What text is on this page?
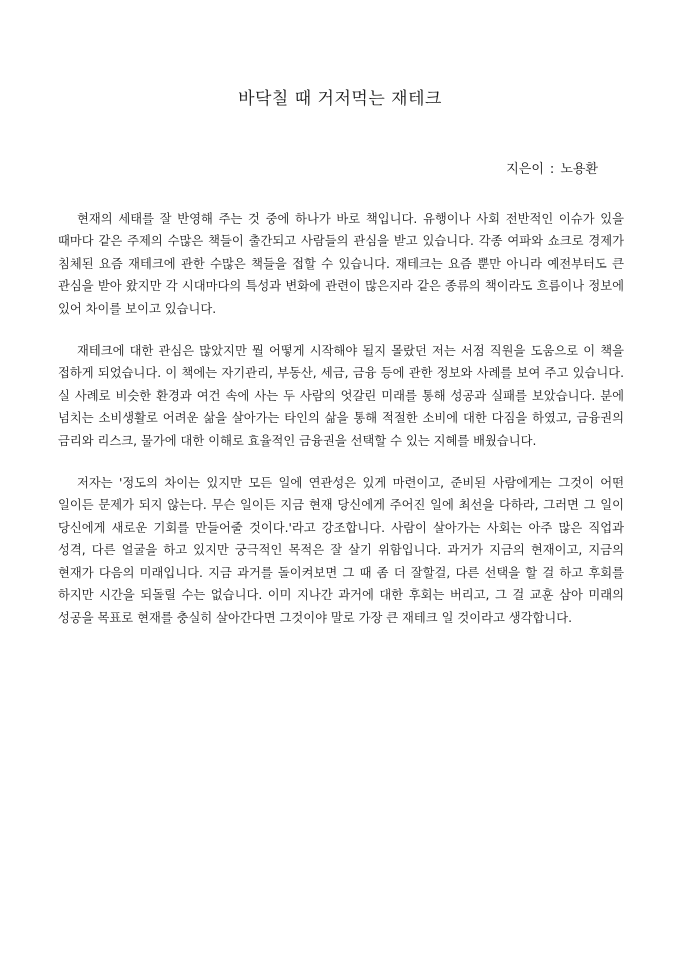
바닥칠 때 거저먹는 재테크
지은이 : 노용환

현재의 세태를 잘 반영해 주는 것 중에 하나가 바로 책입니다. 유행이나 사회 전반적인 이슈가 있을 때마다 같은 주제의 수많은 책들이 출간되고 사람들의 관심을 받고 있습니다. 각종 여파와 쇼크로 경제가 침체된 요즘 재테크에 관한 수많은 책들을 접할 수 있습니다. 재테크는 요즘 뿐만 아니라 예전부터도 큰 관심을 받아 왔지만 각 시대마다의 특성과 변화에 관련이 많은지라 같은 종류의 책이라도 흐름이나 정보에 있어 차이를 보이고 있습니다.

재테크에 대한 관심은 많았지만 뭘 어떻게 시작해야 될지 몰랐던 저는 서점 직원을 도움으로 이 책을 접하게 되었습니다. 이 책에는 자기관리, 부동산, 세금, 금융 등에 관한 정보와 사례를 보여 주고 있습니다. 실 사례로 비슷한 환경과 여건 속에 사는 두 사람의 엇갈린 미래를 통해 성공과 실패를 보았습니다. 분에 넘치는 소비생활로 어려운 삶을 살아가는 타인의 삶을 통해 적절한 소비에 대한 다짐을 하였고, 금융권의 금리와 리스크, 물가에 대한 이해로 효율적인 금융권을 선택할 수 있는 지혜를 배웠습니다.

저자는 '정도의 차이는 있지만 모든 일에 연관성은 있게 마련이고, 준비된 사람에게는 그것이 어떤 일이든 문제가 되지 않는다. 무슨 일이든 지금 현재 당신에게 주어진 일에 최선을 다하라, 그러면 그 일이 당신에게 새로운 기회를 만들어줄 것이다.'라고 강조합니다. 사람이 살아가는 사회는 아주 많은 직업과 성격, 다른 얼굴을 하고 있지만 궁극적인 목적은 잘 살기 위함입니다. 과거가 지금의 현재이고, 지금의 현재가 다음의 미래입니다. 지금 과거를 돌이켜보면 그 때 좀 더 잘할걸, 다른 선택을 할 걸 하고 후회를 하지만 시간을 되돌릴 수는 없습니다. 이미 지나간 과거에 대한 후회는 버리고, 그 걸 교훈 삼아 미래의 성공을 목표로 현재를 충실히 살아간다면 그것이야 말로 가장 큰 재테크 일 것이라고 생각합니다.
